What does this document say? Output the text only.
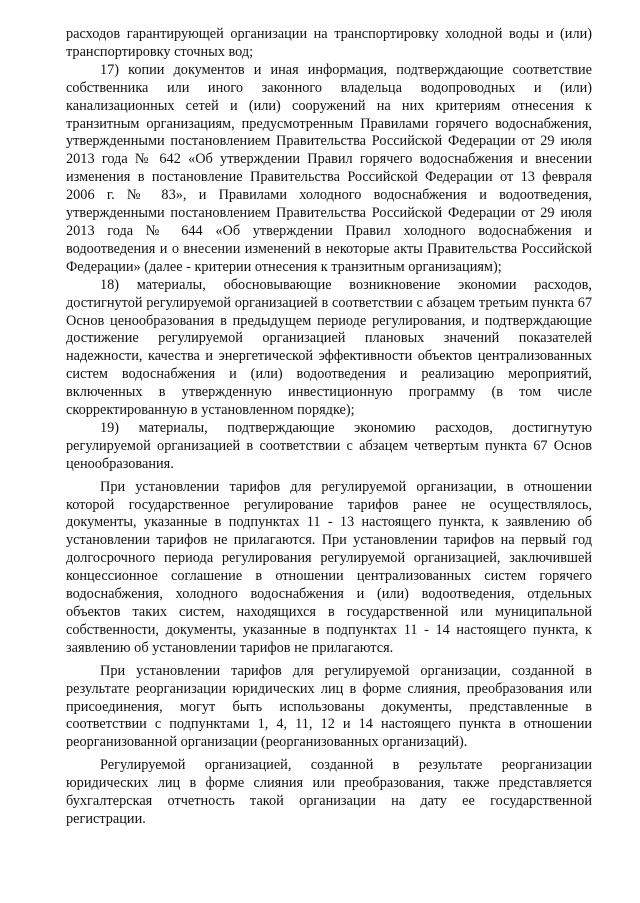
расходов гарантирующей организации на транспортировку холодной воды и (или) транспортировку сточных вод;

17) копии документов и иная информация, подтверждающие соответствие собственника или иного законного владельца водопроводных и (или) канализационных сетей и (или) сооружений на них критериям отнесения к транзитным организациям, предусмотренным Правилами горячего водоснабжения, утвержденными постановлением Правительства Российской Федерации от 29 июля 2013 года № 642 «Об утверждении Правил горячего водоснабжения и внесении изменения в постановление Правительства Российской Федерации от 13 февраля 2006 г. № 83», и Правилами холодного водоснабжения и водоотведения, утвержденными постановлением Правительства Российской Федерации от 29 июля 2013 года № 644 «Об утверждении Правил холодного водоснабжения и водоотведения и о внесении изменений в некоторые акты Правительства Российской Федерации» (далее - критерии отнесения к транзитным организациям);

18) материалы, обосновывающие возникновение экономии расходов, достигнутой регулируемой организацией в соответствии с абзацем третьим пункта 67 Основ ценообразования в предыдущем периоде регулирования, и подтверждающие достижение регулируемой организацией плановых значений показателей надежности, качества и энергетической эффективности объектов централизованных систем водоснабжения и (или) водоотведения и реализацию мероприятий, включенных в утвержденную инвестиционную программу (в том числе скорректированную в установленном порядке);

19) материалы, подтверждающие экономию расходов, достигнутую регулируемой организацией в соответствии с абзацем четвертым пункта 67 Основ ценообразования.

При установлении тарифов для регулируемой организации, в отношении которой государственное регулирование тарифов ранее не осуществлялось, документы, указанные в подпунктах 11 - 13 настоящего пункта, к заявлению об установлении тарифов не прилагаются. При установлении тарифов на первый год долгосрочного периода регулирования регулируемой организацией, заключившей концессионное соглашение в отношении централизованных систем горячего водоснабжения, холодного водоснабжения и (или) водоотведения, отдельных объектов таких систем, находящихся в государственной или муниципальной собственности, документы, указанные в подпунктах 11 - 14 настоящего пункта, к заявлению об установлении тарифов не прилагаются.

При установлении тарифов для регулируемой организации, созданной в результате реорганизации юридических лиц в форме слияния, преобразования или присоединения, могут быть использованы документы, представленные в соответствии с подпунктами 1, 4, 11, 12 и 14 настоящего пункта в отношении реорганизованной организации (реорганизованных организаций).

Регулируемой организацией, созданной в результате реорганизации юридических лиц в форме слияния или преобразования, также представляется бухгалтерская отчетность такой организации на дату ее государственной регистрации.
